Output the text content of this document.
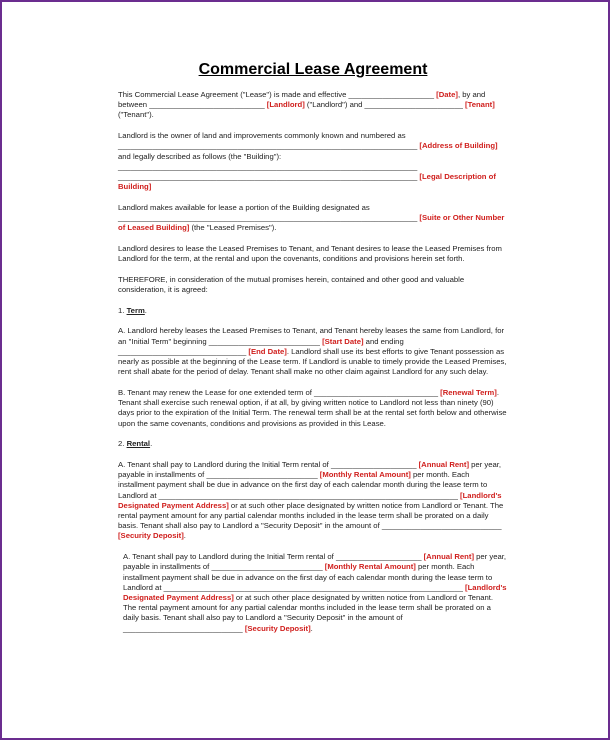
Commercial Lease Agreement
This Commercial Lease Agreement ("Lease") is made and effective ____________________ [Date], by and between ___________________________ [Landlord] ("Landlord") and _______________________ [Tenant] ("Tenant").
Landlord is the owner of land and improvements commonly known and numbered as ______________________________________________________________________ [Address of Building] and legally described as follows (the "Building"): ______________________________________________________________________ ______________________________________________________________________ [Legal Description of Building]
Landlord makes available for lease a portion of the Building designated as ______________________________________________________________________ [Suite or Other Number of Leased Building] (the "Leased Premises").
Landlord desires to lease the Leased Premises to Tenant, and Tenant desires to lease the Leased Premises from Landlord for the term, at the rental and upon the covenants, conditions and provisions herein set forth.
THEREFORE, in consideration of the mutual promises herein, contained and other good and valuable consideration, it is agreed:
1. Term.
A. Landlord hereby leases the Leased Premises to Tenant, and Tenant hereby leases the same from Landlord, for an "Initial Term" beginning __________________________ [Start Date] and ending ______________________________ [End Date]. Landlord shall use its best efforts to give Tenant possession as nearly as possible at the beginning of the Lease term. If Landlord is unable to timely provide the Leased Premises, rent shall abate for the period of delay. Tenant shall make no other claim against Landlord for any such delay.
B. Tenant may renew the Lease for one extended term of _____________________________ [Renewal Term]. Tenant shall exercise such renewal option, if at all, by giving written notice to Landlord not less than ninety (90) days prior to the expiration of the Initial Term. The renewal term shall be at the rental set forth below and otherwise upon the same covenants, conditions and provisions as provided in this Lease.
2. Rental.
A. Tenant shall pay to Landlord during the Initial Term rental of ____________________ [Annual Rent] per year, payable in installments of __________________________ [Monthly Rental Amount] per month. Each installment payment shall be due in advance on the first day of each calendar month during the lease term to Landlord at ______________________________________________________________________ [Landlord's Designated Payment Address] or at such other place designated by written notice from Landlord or Tenant. The rental payment amount for any partial calendar months included in the lease term shall be prorated on a daily basis. Tenant shall also pay to Landlord a "Security Deposit" in the amount of ____________________________ [Security Deposit].
A. Tenant shall pay to Landlord during the Initial Term rental of ____________________ [Annual Rent] per year, payable in installments of __________________________ [Monthly Rental Amount] per month. Each installment payment shall be due in advance on the first day of each calendar month during the lease term to Landlord at ______________________________________________________________________ [Landlord's Designated Payment Address] or at such other place designated by written notice from Landlord or Tenant. The rental payment amount for any partial calendar months included in the lease term shall be prorated on a daily basis. Tenant shall also pay to Landlord a "Security Deposit" in the amount of ____________________________ [Security Deposit].
